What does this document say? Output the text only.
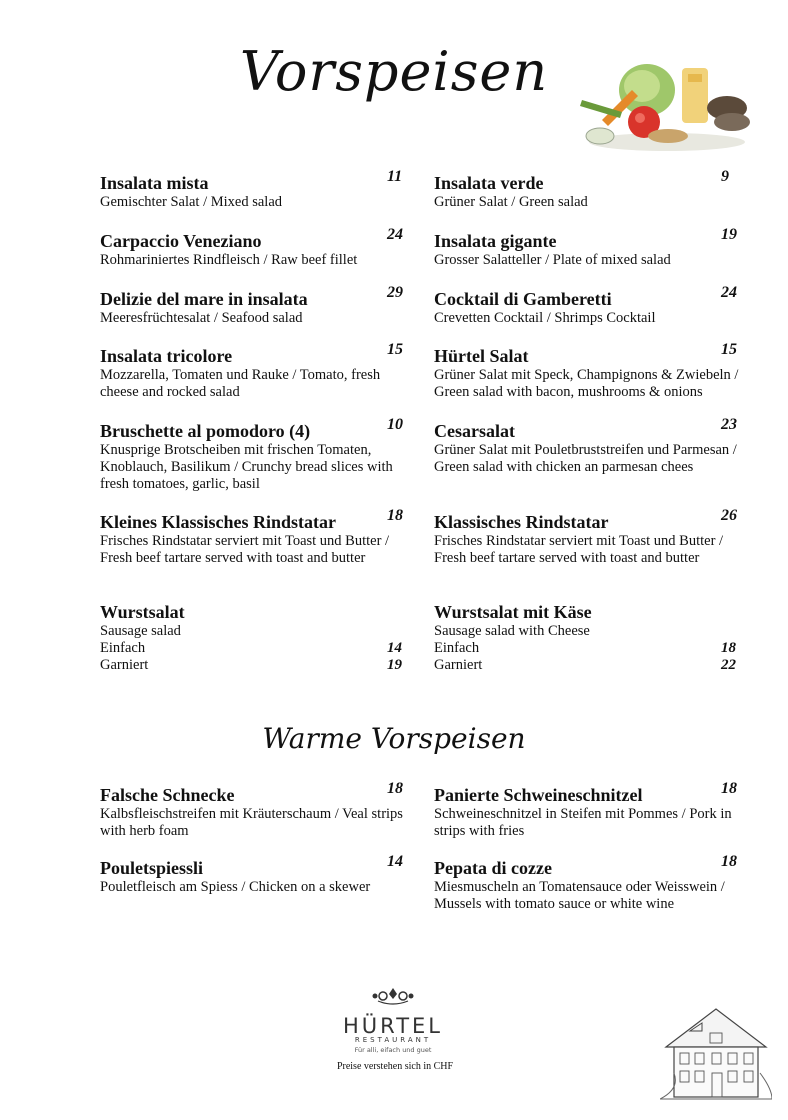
Vorspeisen
Insalata mista	11
Gemischter Salat / Mixed salad
Carpaccio Veneziano	24
Rohmariniertes Rindfleisch / Raw beef fillet
Delizie del mare in insalata	29
Meeresfrüchtesalat / Seafood salad
Insalata tricolore	15
Mozzarella, Tomaten und Rauke / Tomato, fresh cheese and rocked salad
Bruschette al pomodoro (4)	10
Knusprige Brotscheiben mit frischen Tomaten, Knoblauch, Basilikum / Crunchy bread slices with fresh tomatoes, garlic, basil
Kleines Klassisches Rindstatar	18
Frisches Rindstatar serviert mit Toast und Butter / Fresh beef tartare served with toast and butter
Wurstsalat
Sausage salad
Einfach	14
Garniert	19
Insalata verde	9
Grüner Salat / Green salad
Insalata gigante	19
Grosser Salatteller / Plate of mixed salad
Cocktail di Gamberetti	24
Crevetten Cocktail / Shrimps Cocktail
Hürtel Salat	15
Grüner Salat mit Speck, Champignons & Zwiebeln / Green salad with bacon, mushrooms & onions
Cesarsalat	23
Grüner Salat mit Pouletbruststreifen und Parmesan / Green salad with chicken an parmesan chees
Klassisches Rindstatar	26
Frisches Rindstatar serviert mit Toast und Butter / Fresh beef tartare served with toast and butter
Wurstsalat mit Käse
Sausage salad with Cheese
Einfach	18
Garniert	22
Warme Vorspeisen
Falsche Schnecke	18
Kalbsfleischstreifen mit Kräuterschaum / Veal strips with herb foam
Pouletspiessli	14
Pouletfleisch am Spiess / Chicken on a skewer
Panierte Schweineschnitzel	18
Schweineschnitzel in Steifen mit Pommes / Pork in strips with fries
Pepata di cozze	18
Miesmuscheln an Tomatensauce oder Weisswein / Mussels with tomato sauce or white wine
HÜRTEL
RESTAURANT
Für alli, eifach und guet
Preise verstehen sich in CHF
